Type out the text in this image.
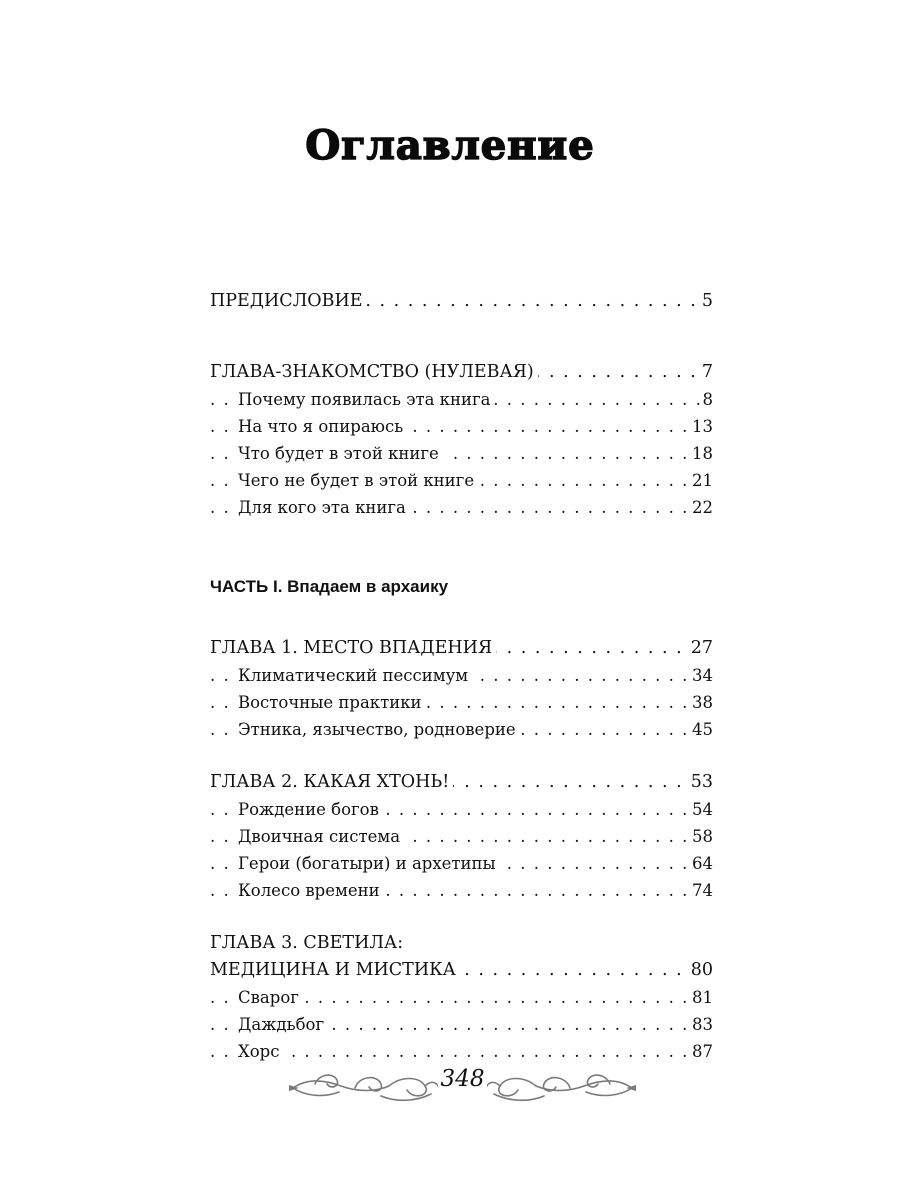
Оглавление
ПРЕДИСЛОВИЕ	5
. . .
ГЛАВА-ЗНАКОМСТВО (НУЛЕВАЯ)	7
. . .
Почему появилась эта книга	8
. . .
На что я опираюсь	13
. . .
Что будет в этой книге	18
. . .
Чего не будет в этой книге	21
. . .
Для кого эта книга	22
. . .
ЧАСТЬ I. Впадаем в архаику
ГЛАВА 1. МЕСТО ВПАДЕНИЯ	27
. . .
Климатический пессимум	34
. . .
Восточные практики	38
. . .
Этника, язычество, родноверие	45
. . .
ГЛАВА 2. КАКАЯ ХТОНЬ!	53
. . .
Рождение богов	54
. . .
Двоичная система	58
. . .
Герои (богатыри) и архетипы	64
. . .
Колесо времени	74
. . .
ГЛАВА 3. СВЕТИЛА:
МЕДИЦИНА И МИСТИКА	80
. . .
Сварог	81
. . .
Даждьбог	83
. . .
Хорс	87
. . .
348
